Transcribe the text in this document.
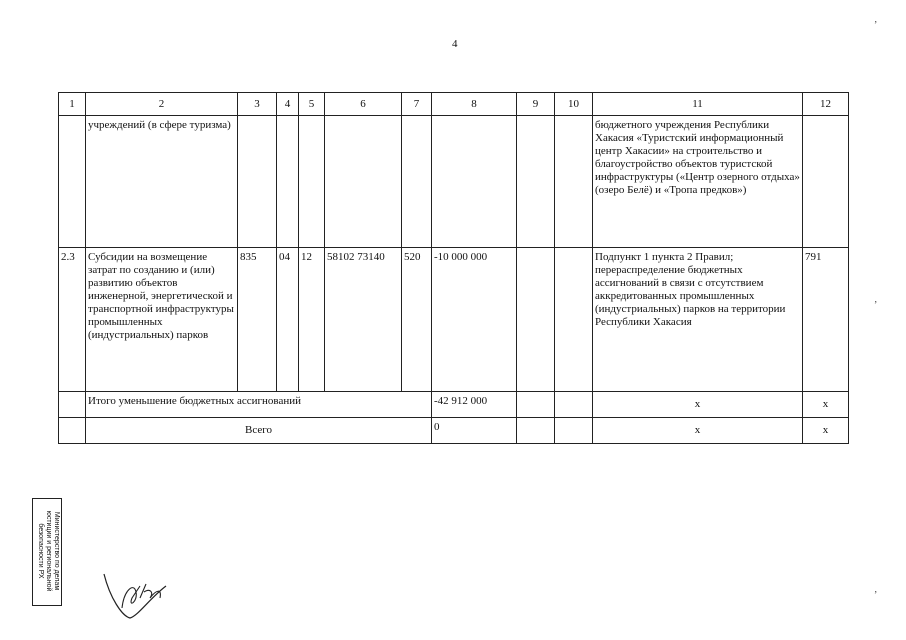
4
1	2	3	4	5	6	7	8	9	10	11	12
	учреждений (в сфере туризма)									бюджетного учреждения Республики Хакасия «Туристский информационный центр Хакасии» на строительство и благоустройство объектов туристской инфраструктуры («Центр озерного отдыха» (озеро Белё) и «Тропа предков»)	
2.3	Субсидии на возмещение затрат по созданию и (или) развитию объектов инженерной, энергетической и транспортной инфраструктуры промышленных (индустриальных) парков	835	04	12	58102 73140	520	-10 000 000			Подпункт 1 пункта 2 Правил; перераспределение бюджетных ассигнований в связи с отсутствием аккредитованных промышленных (индустриальных) парков на территории Республики Хакасия	791
	Итого уменьшение бюджетных ассигнований						-42 912 000			x	x
	Всего						0			x	x
Министерство по делам
юстиции и региональной
безопасности РХ
‚
‚
‚
